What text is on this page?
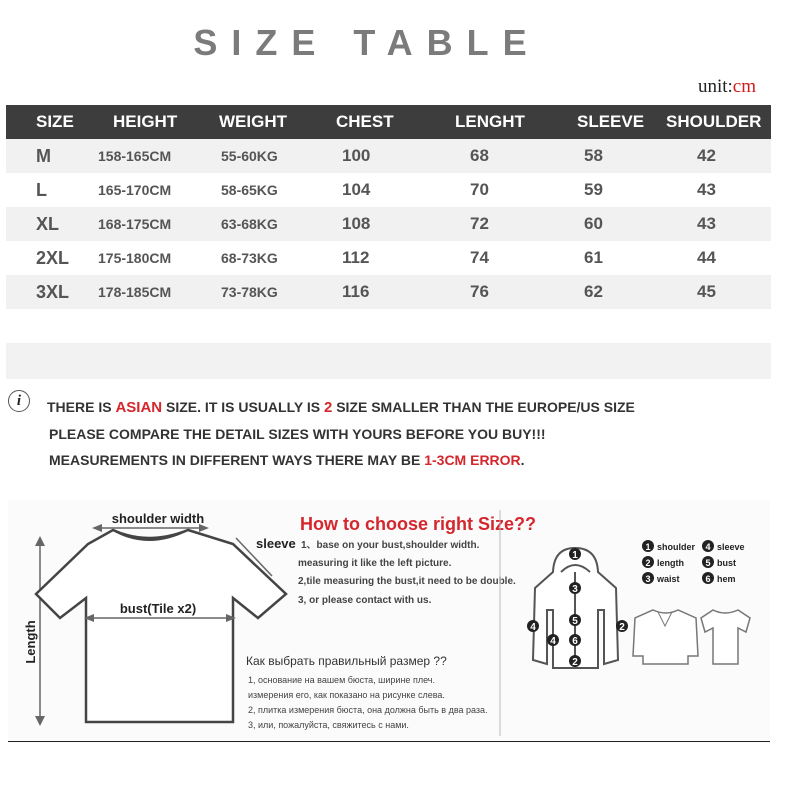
SIZE TABLE
unit:cm
SIZE	HEIGHT	WEIGHT	CHEST	LENGHT	SLEEVE	SHOULDER
M	158-165CM	55-60KG	100	68	58	42
L	165-170CM	58-65KG	104	70	59	43
XL	168-175CM	63-68KG	108	72	60	43
2XL	175-180CM	68-73KG	112	74	61	44
3XL	178-185CM	73-78KG	116	76	62	45
i	THERE IS ASIAN SIZE. IT IS USUALLY IS 2 SIZE SMALLER THAN THE EUROPE/US SIZE
PLEASE COMPARE THE DETAIL SIZES WITH YOURS BEFORE YOU BUY!!!
MEASUREMENTS IN DIFFERENT WAYS THERE MAY BE 1-3CM ERROR.
Length
shoulder width
sleeve
bust(Tile x2)
How to choose right Size??
1、base on your bust,shoulder width.
measuring it like the left picture.
2,tile measuring the bust,it need to be double.
3, or please contact with us.
Как выбрать правильный размер ??
1, основание на вашем бюста, ширине плеч.
измерения его, как показано на рисунке слева.
2, плитка измерения бюста, она должна быть в два раза.
3, или, пожалуйста, свяжитесь с нами.
1
3
5
6
2
2
4
4
1 shoulder 4 sleeve
2 length 5 bust
3 waist	6 hem
